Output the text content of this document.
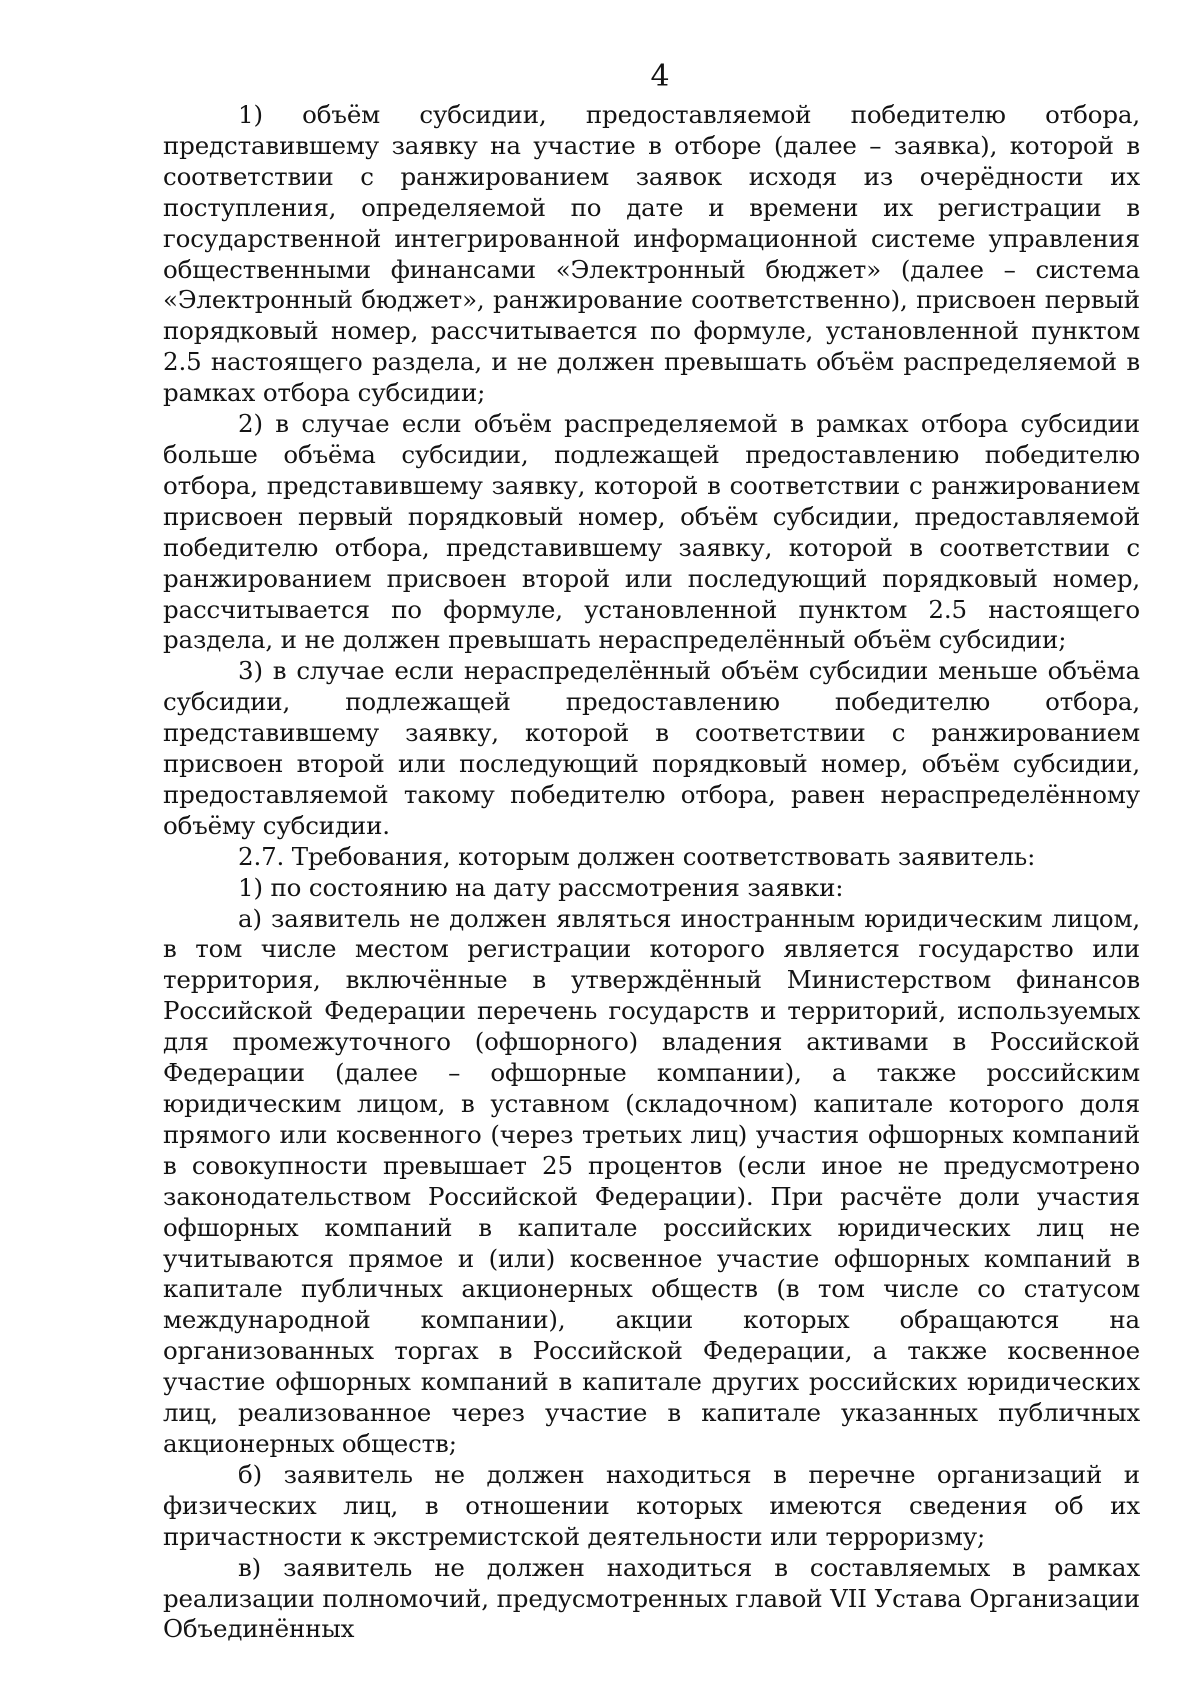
4

1) объём субсидии, предоставляемой победителю отбора, представившему заявку на участие в отборе (далее – заявка), которой в соответствии с ранжированием заявок исходя из очерёдности их поступления, определяемой по дате и времени их регистрации в государственной интегрированной информационной системе управления общественными финансами «Электронный бюджет» (далее – система «Электронный бюджет», ранжирование соответственно), присвоен первый порядковый номер, рассчитывается по формуле, установленной пунктом 2.5 настоящего раздела, и не должен превышать объём распределяемой в рамках отбора субсидии;

2) в случае если объём распределяемой в рамках отбора субсидии больше объёма субсидии, подлежащей предоставлению победителю отбора, представившему заявку, которой в соответствии с ранжированием присвоен первый порядковый номер, объём субсидии, предоставляемой победителю отбора, представившему заявку, которой в соответствии с ранжированием присвоен второй или последующий порядковый номер, рассчитывается по формуле, установленной пунктом 2.5 настоящего раздела, и не должен превышать нераспределённый объём субсидии;

3) в случае если нераспределённый объём субсидии меньше объёма субсидии, подлежащей предоставлению победителю отбора, представившему заявку, которой в соответствии с ранжированием присвоен второй или последующий порядковый номер, объём субсидии, предоставляемой такому победителю отбора, равен нераспределённому объёму субсидии.

2.7. Требования, которым должен соответствовать заявитель:

1) по состоянию на дату рассмотрения заявки:

а) заявитель не должен являться иностранным юридическим лицом, в том числе местом регистрации которого является государство или территория, включённые в утверждённый Министерством финансов Российской Федерации перечень государств и территорий, используемых для промежуточного (офшорного) владения активами в Российской Федерации (далее – офшорные компании), а также российским юридическим лицом, в уставном (складочном) капитале которого доля прямого или косвенного (через третьих лиц) участия офшорных компаний в совокупности превышает 25 процентов (если иное не предусмотрено законодательством Российской Федерации). При расчёте доли участия офшорных компаний в капитале российских юридических лиц не учитываются прямое и (или) косвенное участие офшорных компаний в капитале публичных акционерных обществ (в том числе со статусом международной компании), акции которых обращаются на организованных торгах в Российской Федерации, а также косвенное участие офшорных компаний в капитале других российских юридических лиц, реализованное через участие в капитале указанных публичных акционерных обществ;

б) заявитель не должен находиться в перечне организаций и физических лиц, в отношении которых имеются сведения об их причастности к экстремистской деятельности или терроризму;

в) заявитель не должен находиться в составляемых в рамках реализации полномочий, предусмотренных главой VII Устава Организации Объединённых
